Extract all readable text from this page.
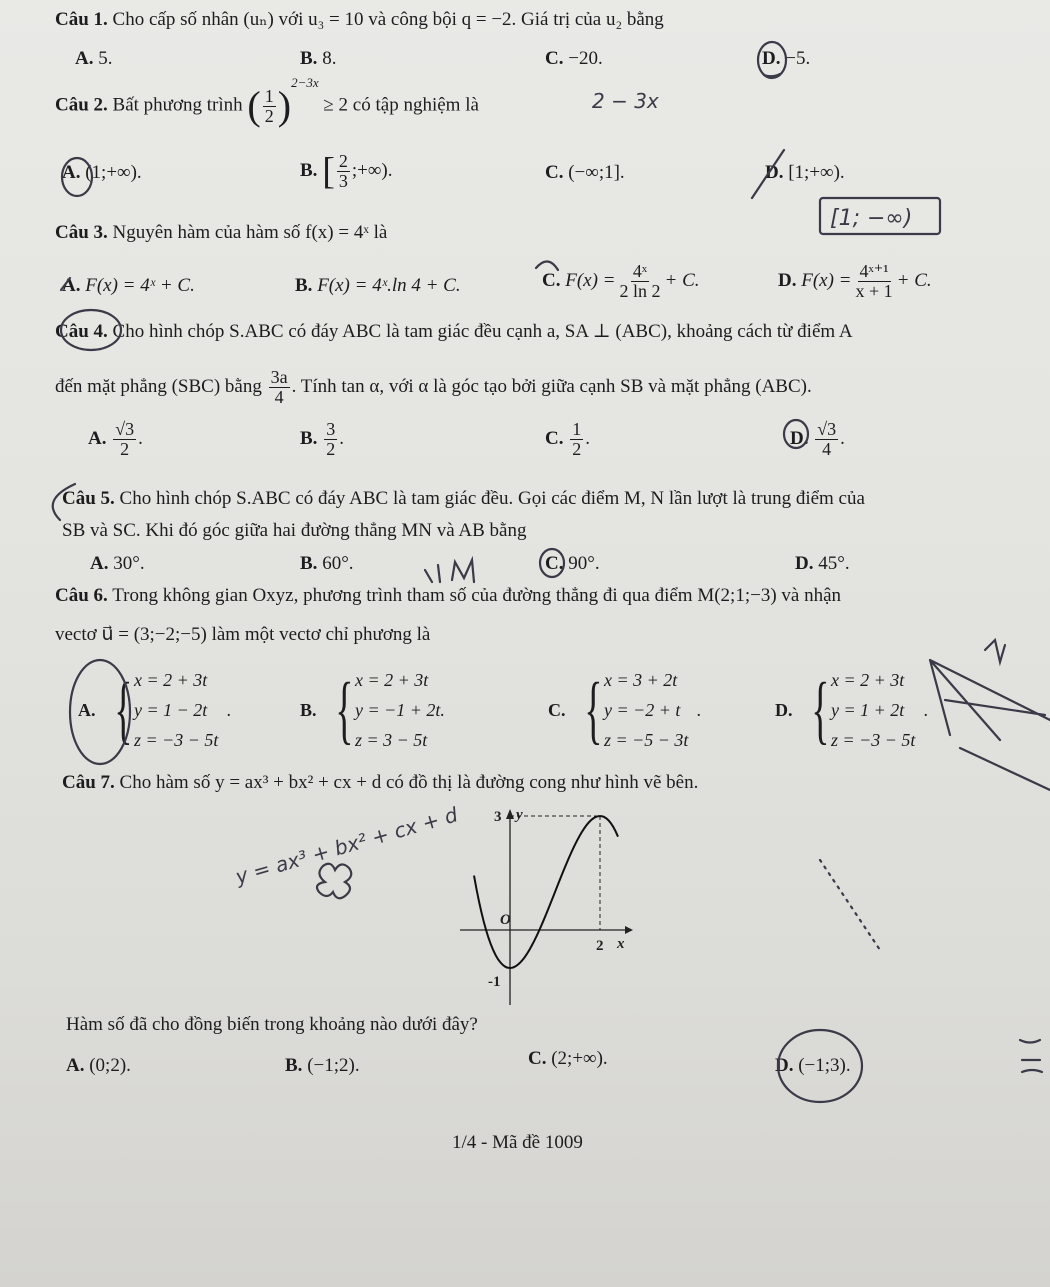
Câu 1. Cho cấp số nhân (uₙ) với u₃ = 10 và công bội q = −2. Giá trị của u₂ bằng
A. 5.	B. 8.	C. −20.	D. −5.
Câu 2. Bất phương trình ( $\frac{1}{2} )^{2-3x} \ge 2$ có tập nghiệm là
A. (1;+∞).	B. [ $\frac{2}{3}$ ;+∞).	C. (−∞;1].	D. [1;+∞).
Câu 3. Nguyên hàm của hàm số f(x) = 4ˣ là
A. F(x) = 4ˣ + C.	B. F(x) = 4ˣ.ln 4 + C.	C. $F(x) = \frac{\text{4ˣ}}{2 \ln 2} + C$.	D. $F(x) = \frac{\text{4ˣ⁺¹}}{x + 1} + C$.
Câu 4. Cho hình chóp S.ABC có đáy ABC là tam giác đều cạnh a, SA ⊥ (ABC), khoảng cách từ điểm A
đến mặt phẳng (SBC) bằng $\frac{3a}{4}$ . Tính tan α, với α là góc tạo bởi giữa cạnh SB và mặt phẳng (ABC).
A. $\frac{√3}{2}$ .	B. $\frac{3}{2}$ .	C. $\frac{1}{2}$ .	D. $\frac{√3}{4}$ .
Câu 5. Cho hình chóp S.ABC có đáy ABC là tam giác đều. Gọi các điểm M, N lần lượt là trung điểm của
SB và SC. Khi đó góc giữa hai đường thẳng MN và AB bằng
A. 30°.	B. 60°.	C. 90°.	D. 45°.
Câu 6. Trong không gian Oxyz, phương trình tham số của đường thẳng đi qua điểm M(2;1;−3) và nhận
vectơ u⃗ = (3;−2;−5) làm một vectơ chỉ phương là
A. { x = 2 + 3t
y = 1 − 2t
z = −3 − 5t
.	B. { x = 2 + 3t
y = −1 + 2t.
z = 3 − 5t
C. { x = 3 + 2t
y = −2 + t
z = −5 − 3t
.	D. { x = 2 + 3t
y = 1 + 2t
z = −3 − 5t
.
Câu 7. Cho hàm số y = ax³ + bx² + cx + d có đồ thị là đường cong như hình vẽ bên.
y
x
3
-1
2
O
Hàm số đã cho đồng biến trong khoảng nào dưới đây?
A. (0;2).	B. (−1;2).	C. (2;+∞).	D. (−1;3).
1/4 - Mã đề 1009
2 − 3x
[1; −∞)
y = ax³ + bx² + cx + d
